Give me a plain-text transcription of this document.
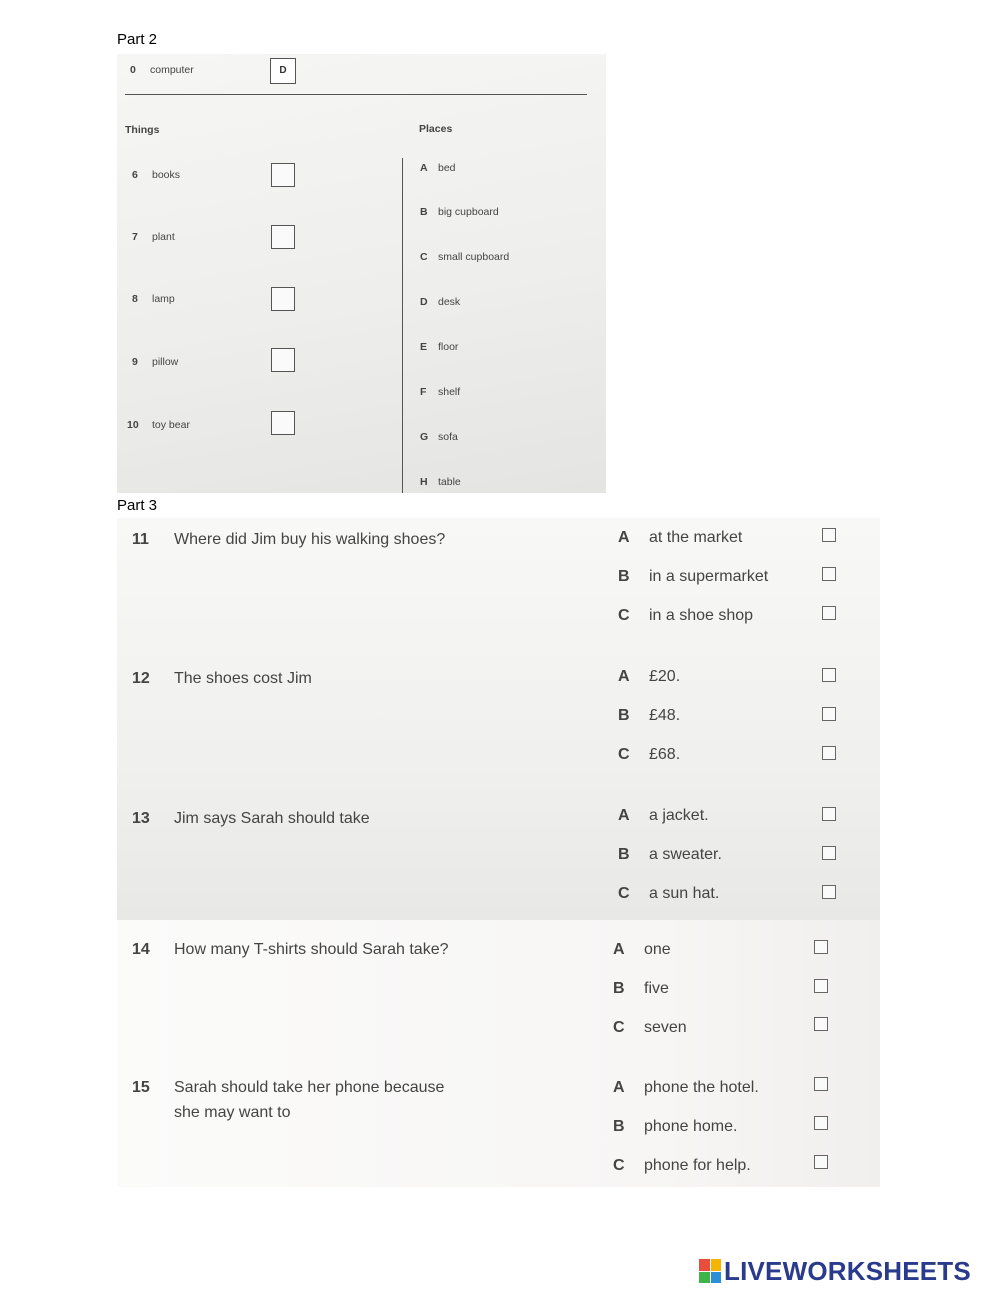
Part 2
0 computer	D
Things	Places
6 books
7 plant
8 lamp
9 pillow
10 toy bear
A bed
B big cupboard
C small cupboard
D desk
E floor
F shelf
G sofa
H table
Part 3
11 Where did Jim buy his walking shoes?	A at the market
B in a supermarket
C in a shoe shop
12 The shoes cost Jim	A £20.
B £48.
C £68.
13 Jim says Sarah should take	A a jacket.
B a sweater.
C a sun hat.
14 How many T-shirts should Sarah take?	A one
B five
C seven
15 Sarah should take her phone because
she may want to
A phone the hotel.
B phone home.
C phone for help.
LIVEWORKSHEETS
